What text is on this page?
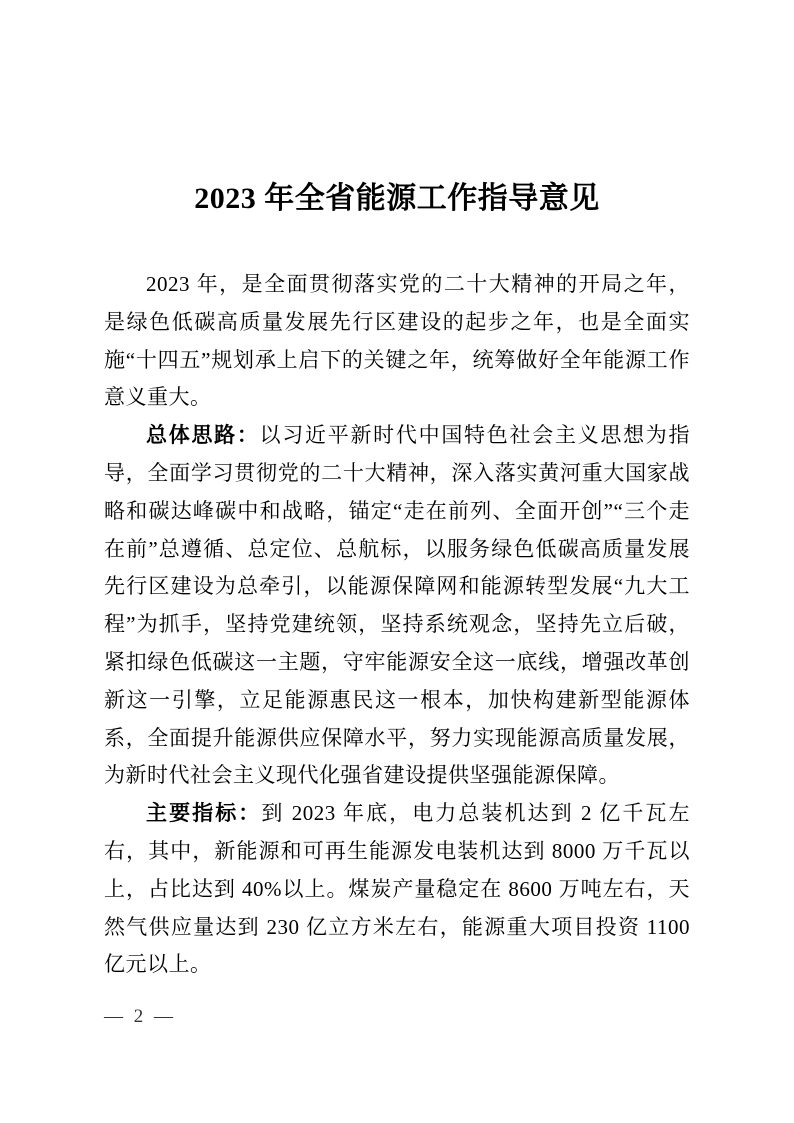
2023 年全省能源工作指导意见

2023 年，是全面贯彻落实党的二十大精神的开局之年，是绿色低碳高质量发展先行区建设的起步之年，也是全面实施“十四五”规划承上启下的关键之年，统筹做好全年能源工作意义重大。

总体思路：以习近平新时代中国特色社会主义思想为指导，全面学习贯彻党的二十大精神，深入落实黄河重大国家战略和碳达峰碳中和战略，锚定“走在前列、全面开创”“三个走在前”总遵循、总定位、总航标，以服务绿色低碳高质量发展先行区建设为总牵引，以能源保障网和能源转型发展“九大工程”为抓手，坚持党建统领，坚持系统观念，坚持先立后破，紧扣绿色低碳这一主题，守牢能源安全这一底线，增强改革创新这一引擎，立足能源惠民这一根本，加快构建新型能源体系，全面提升能源供应保障水平，努力实现能源高质量发展，为新时代社会主义现代化强省建设提供坚强能源保障。

主要指标：到 2023 年底，电力总装机达到 2 亿千瓦左右，其中，新能源和可再生能源发电装机达到 8000 万千瓦以上，占比达到 40%以上。煤炭产量稳定在 8600 万吨左右，天然气供应量达到 230 亿立方米左右，能源重大项目投资 1100 亿元以上。

— 2 —
